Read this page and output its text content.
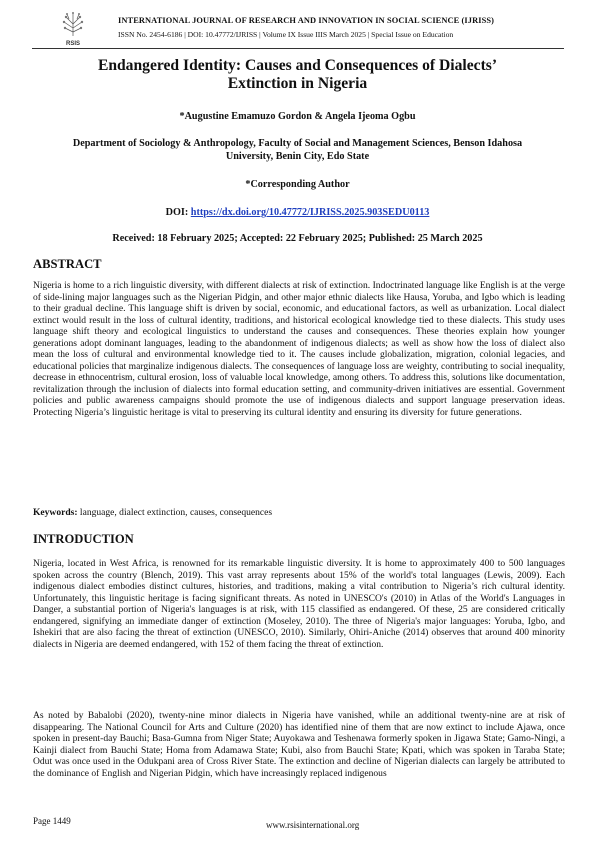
RSIS
INTERNATIONAL JOURNAL OF RESEARCH AND INNOVATION IN SOCIAL SCIENCE (IJRISS)
ISSN No. 2454-6186 | DOI: 10.47772/IJRISS | Volume IX Issue IIIS March 2025 | Special Issue on Education
Endangered Identity: Causes and Consequences of Dialects’
Extinction in Nigeria
*Augustine Emamuzo Gordon & Angela Ijeoma Ogbu
Department of Sociology & Anthropology, Faculty of Social and Management Sciences, Benson Idahosa
University, Benin City, Edo State
*Corresponding Author
DOI: https://dx.doi.org/10.47772/IJRISS.2025.903SEDU0113
Received: 18 February 2025; Accepted: 22 February 2025; Published: 25 March 2025
ABSTRACT
Nigeria is home to a rich linguistic diversity, with different dialects at risk of extinction. Indoctrinated language like English is at the verge of side-lining major languages such as the Nigerian Pidgin, and other major ethnic dialects like Hausa, Yoruba, and Igbo which is leading to their gradual decline. This language shift is driven by social, economic, and educational factors, as well as urbanization. Local dialect extinct would result in the loss of cultural identity, traditions, and historical ecological knowledge tied to these dialects. This study uses language shift theory and ecological linguistics to understand the causes and consequences. These theories explain how younger generations adopt dominant languages, leading to the abandonment of indigenous dialects; as well as show how the loss of dialect also mean the loss of cultural and environmental knowledge tied to it. The causes include globalization, migration, colonial legacies, and educational policies that marginalize indigenous dialects. The consequences of language loss are weighty, contributing to social inequality, decrease in ethnocentrism, cultural erosion, loss of valuable local knowledge, among others. To address this, solutions like documentation, revitalization through the inclusion of dialects into formal education setting, and community-driven initiatives are essential. Government policies and public awareness campaigns should promote the use of indigenous dialects and support language preservation ideas. Protecting Nigeria’s linguistic heritage is vital to preserving its cultural identity and ensuring its diversity for future generations.
Keywords: language, dialect extinction, causes, consequences
INTRODUCTION
Nigeria, located in West Africa, is renowned for its remarkable linguistic diversity. It is home to approximately 400 to 500 languages spoken across the country (Blench, 2019). This vast array represents about 15% of the world's total languages (Lewis, 2009). Each indigenous dialect embodies distinct cultures, histories, and traditions, making a vital contribution to Nigeria’s rich cultural identity. Unfortunately, this linguistic heritage is facing significant threats. As noted in UNESCO's (2010) in Atlas of the World's Languages in Danger, a substantial portion of Nigeria's languages is at risk, with 115 classified as endangered. Of these, 25 are considered critically endangered, signifying an immediate danger of extinction (Moseley, 2010). The three of Nigeria's major languages: Yoruba, Igbo, and Ishekiri that are also facing the threat of extinction (UNESCO, 2010). Similarly, Ohiri-Aniche (2014) observes that around 400 minority dialects in Nigeria are deemed endangered, with 152 of them facing the threat of extinction.
As noted by Babalobi (2020), twenty-nine minor dialects in Nigeria have vanished, while an additional twenty-nine are at risk of disappearing. The National Council for Arts and Culture (2020) has identified nine of them that are now extinct to include Ajawa, once spoken in present-day Bauchi; Basa-Gumna from Niger State; Auyokawa and Teshenawa formerly spoken in Jigawa State; Gamo-Ningi, a Kainji dialect from Bauchi State; Homa from Adamawa State; Kubi, also from Bauchi State; Kpati, which was spoken in Taraba State; Odut was once used in the Odukpani area of Cross River State. The extinction and decline of Nigerian dialects can largely be attributed to the dominance of English and Nigerian Pidgin, which have increasingly replaced indigenous
Page 1449	www.rsisinternational.org
